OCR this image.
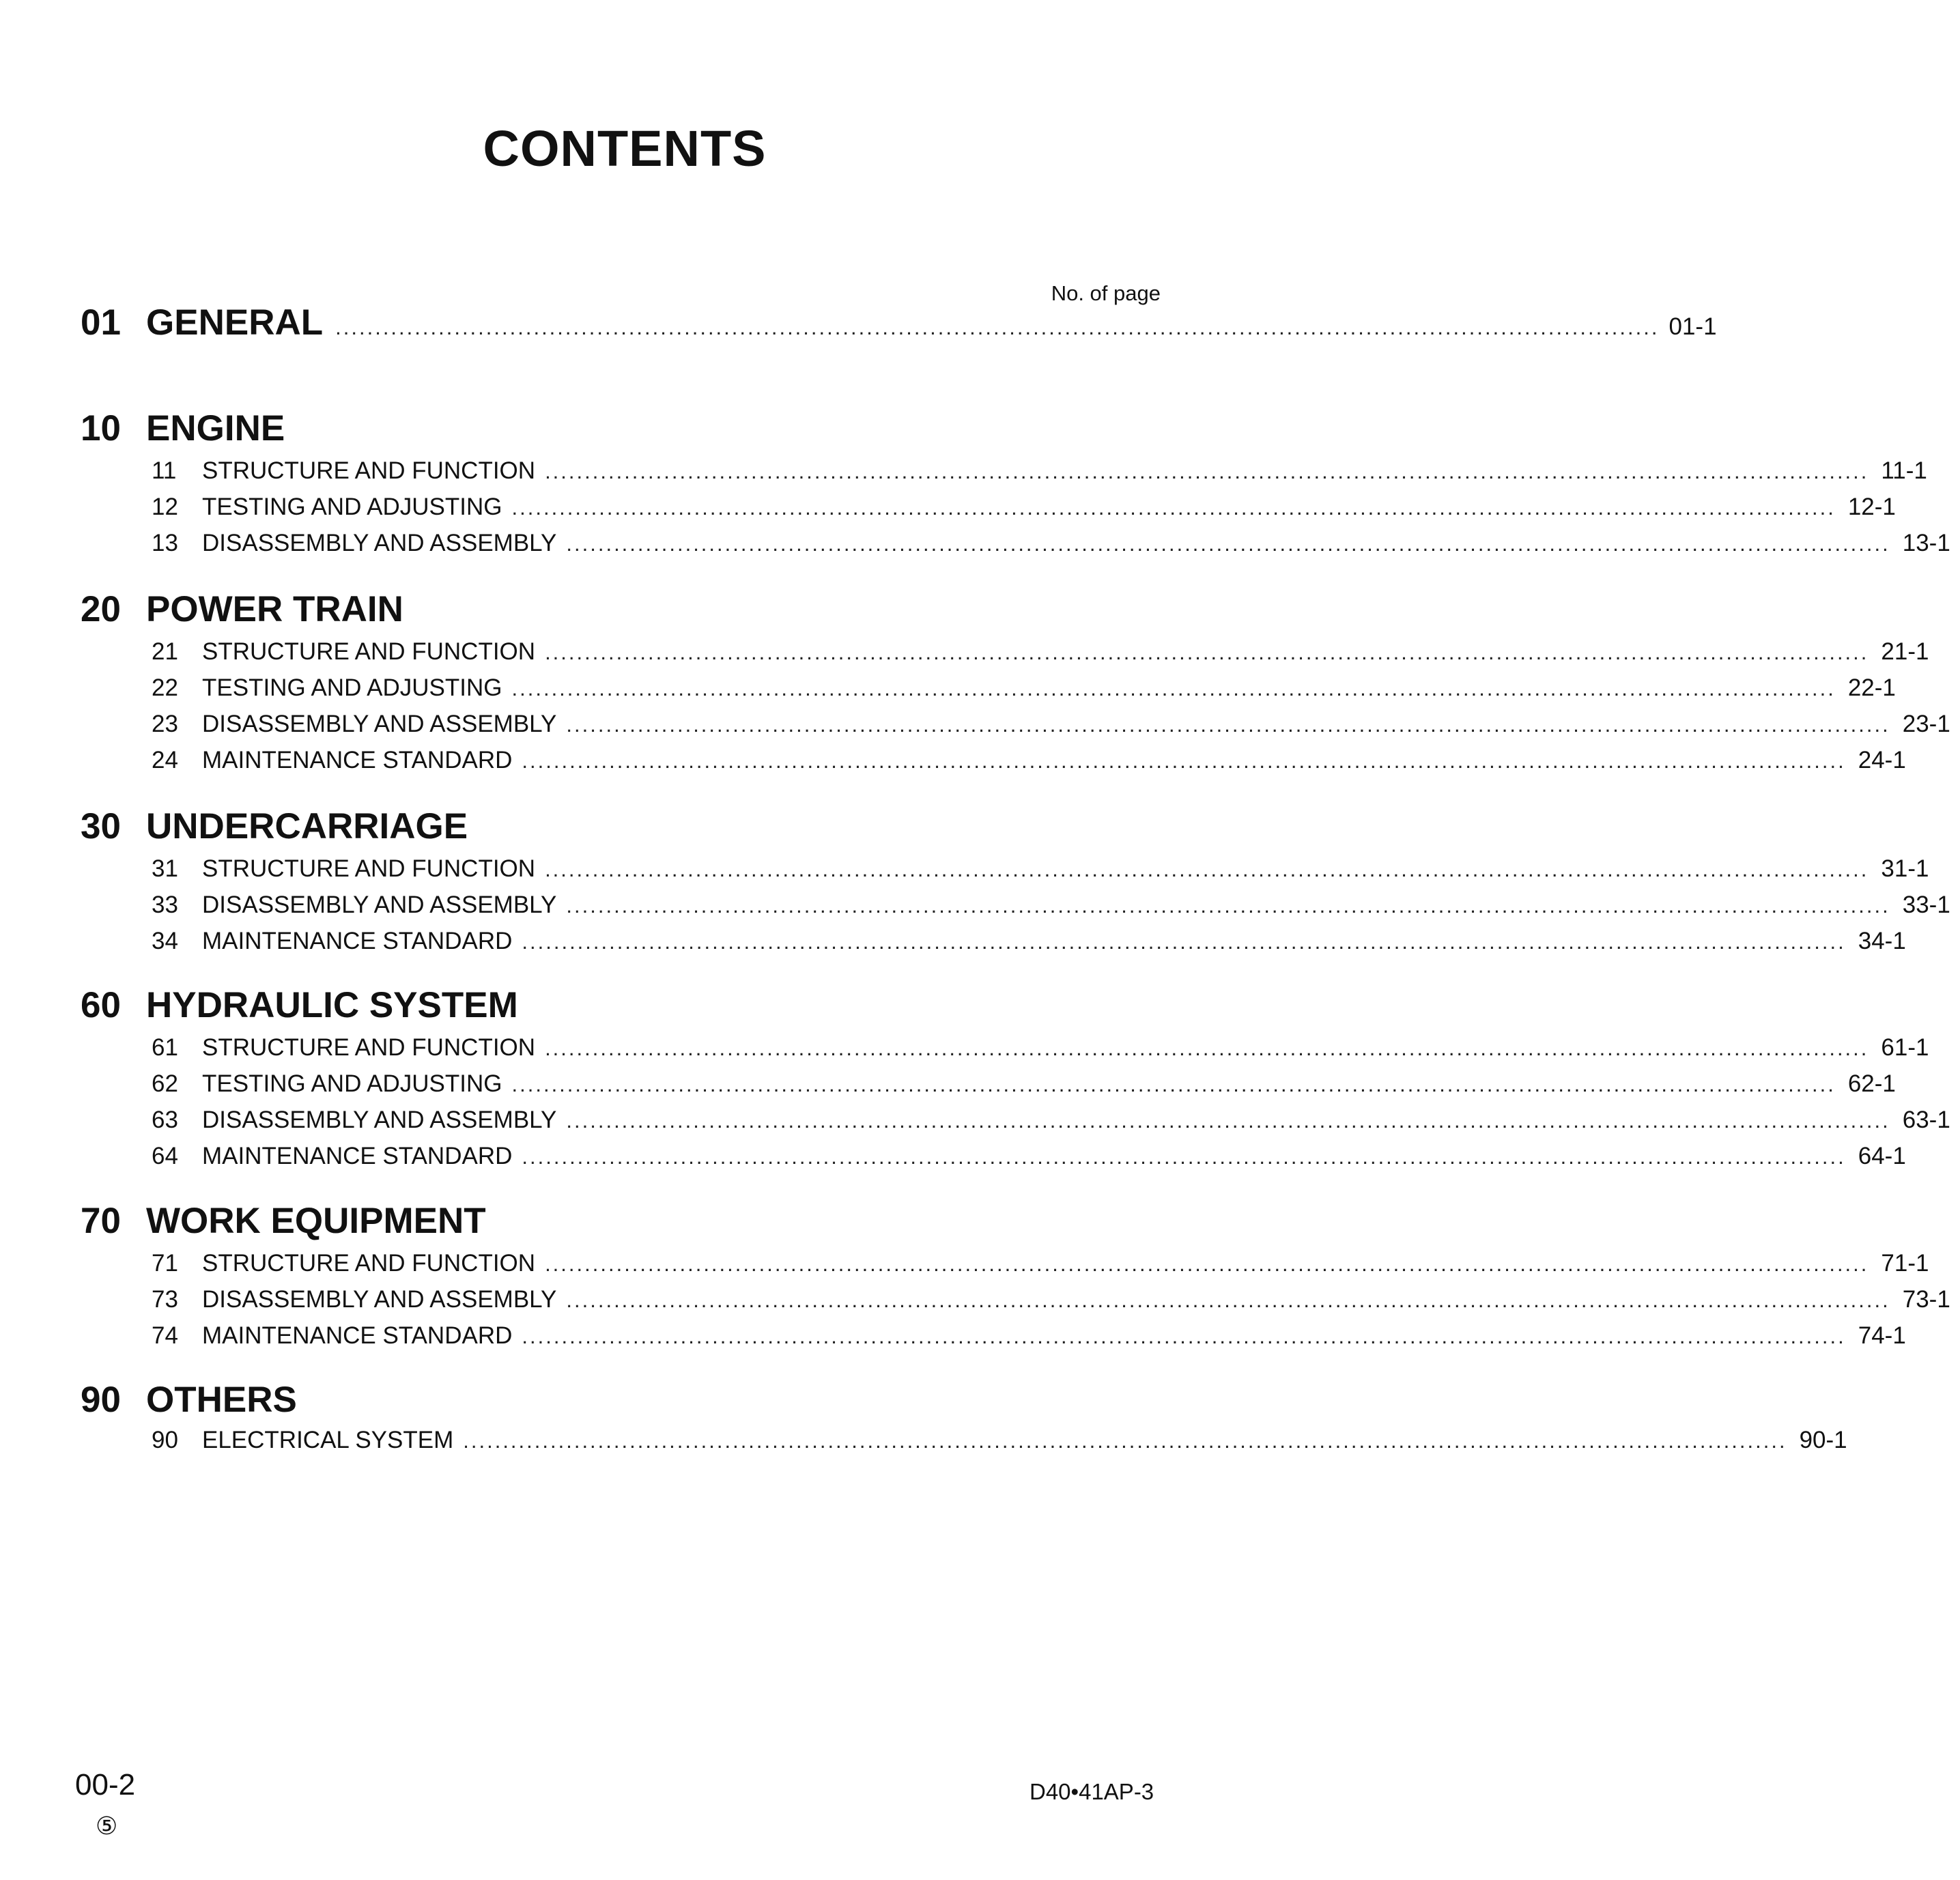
CONTENTS
No. of page
01 GENERAL ....................................................................................................................................................................... 01-1
10 ENGINE
11	STRUCTURE AND FUNCTION ....................................................................................................................................................................... 11-1
12	TESTING AND ADJUSTING ....................................................................................................................................................................... 12-1
13	DISASSEMBLY AND ASSEMBLY ....................................................................................................................................................................... 13-1
20 POWER TRAIN
21	STRUCTURE AND FUNCTION ....................................................................................................................................................................... 21-1
22	TESTING AND ADJUSTING ....................................................................................................................................................................... 22-1
23	DISASSEMBLY AND ASSEMBLY ....................................................................................................................................................................... 23-1
24	MAINTENANCE STANDARD ....................................................................................................................................................................... 24-1
30 UNDERCARRIAGE
31	STRUCTURE AND FUNCTION ....................................................................................................................................................................... 31-1
33	DISASSEMBLY AND ASSEMBLY ....................................................................................................................................................................... 33-1
34	MAINTENANCE STANDARD ....................................................................................................................................................................... 34-1
60 HYDRAULIC SYSTEM
61	STRUCTURE AND FUNCTION ....................................................................................................................................................................... 61-1
62	TESTING AND ADJUSTING ....................................................................................................................................................................... 62-1
63	DISASSEMBLY AND ASSEMBLY ....................................................................................................................................................................... 63-1
64	MAINTENANCE STANDARD ....................................................................................................................................................................... 64-1
70 WORK EQUIPMENT
71	STRUCTURE AND FUNCTION ....................................................................................................................................................................... 71-1
73	DISASSEMBLY AND ASSEMBLY ....................................................................................................................................................................... 73-1
74	MAINTENANCE STANDARD ....................................................................................................................................................................... 74-1
90 OTHERS
90	ELECTRICAL SYSTEM ....................................................................................................................................................................... 90-1
00-2
⑤
D40•41AP-3
